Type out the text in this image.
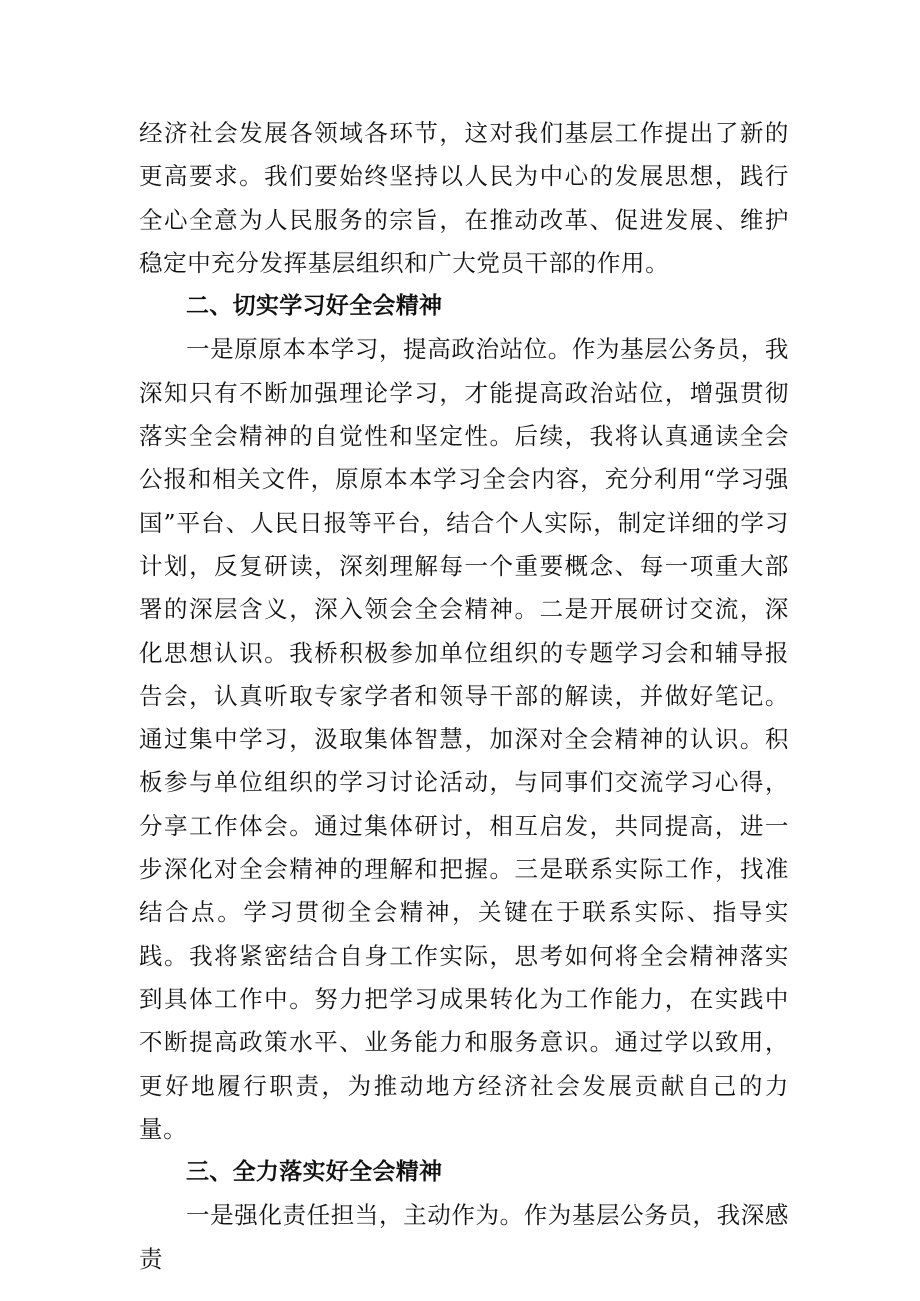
经济社会发展各领域各环节，这对我们基层工作提出了新的更高要求。我们要始终坚持以人民为中心的发展思想，践行全心全意为人民服务的宗旨，在推动改革、促进发展、维护稳定中充分发挥基层组织和广大党员干部的作用。

二、切实学习好全会精神

一是原原本本学习，提高政治站位。作为基层公务员，我深知只有不断加强理论学习，才能提高政治站位，增强贯彻落实全会精神的自觉性和坚定性。后续，我将认真通读全会公报和相关文件，原原本本学习全会内容，充分利用“学习强国”平台、人民日报等平台，结合个人实际，制定详细的学习计划，反复研读，深刻理解每一个重要概念、每一项重大部署的深层含义，深入领会全会精神。二是开展研讨交流，深化思想认识。我桥积极参加单位组织的专题学习会和辅导报告会，认真听取专家学者和领导干部的解读，并做好笔记。通过集中学习，汲取集体智慧，加深对全会精神的认识。积板参与单位组织的学习讨论活动，与同事们交流学习心得，分享工作体会。通过集体研讨，相互启发，共同提高，进一步深化对全会精神的理解和把握。三是联系实际工作，找准结合点。学习贯彻全会精神，关键在于联系实际、指导实践。我将紧密结合自身工作实际，思考如何将全会精神落实到具体工作中。努力把学习成果转化为工作能力，在实践中不断提高政策水平、业务能力和服务意识。通过学以致用，更好地履行职责，为推动地方经济社会发展贡献自己的力量。

三、全力落实好全会精神

一是强化责任担当，主动作为。作为基层公务员，我深感责
